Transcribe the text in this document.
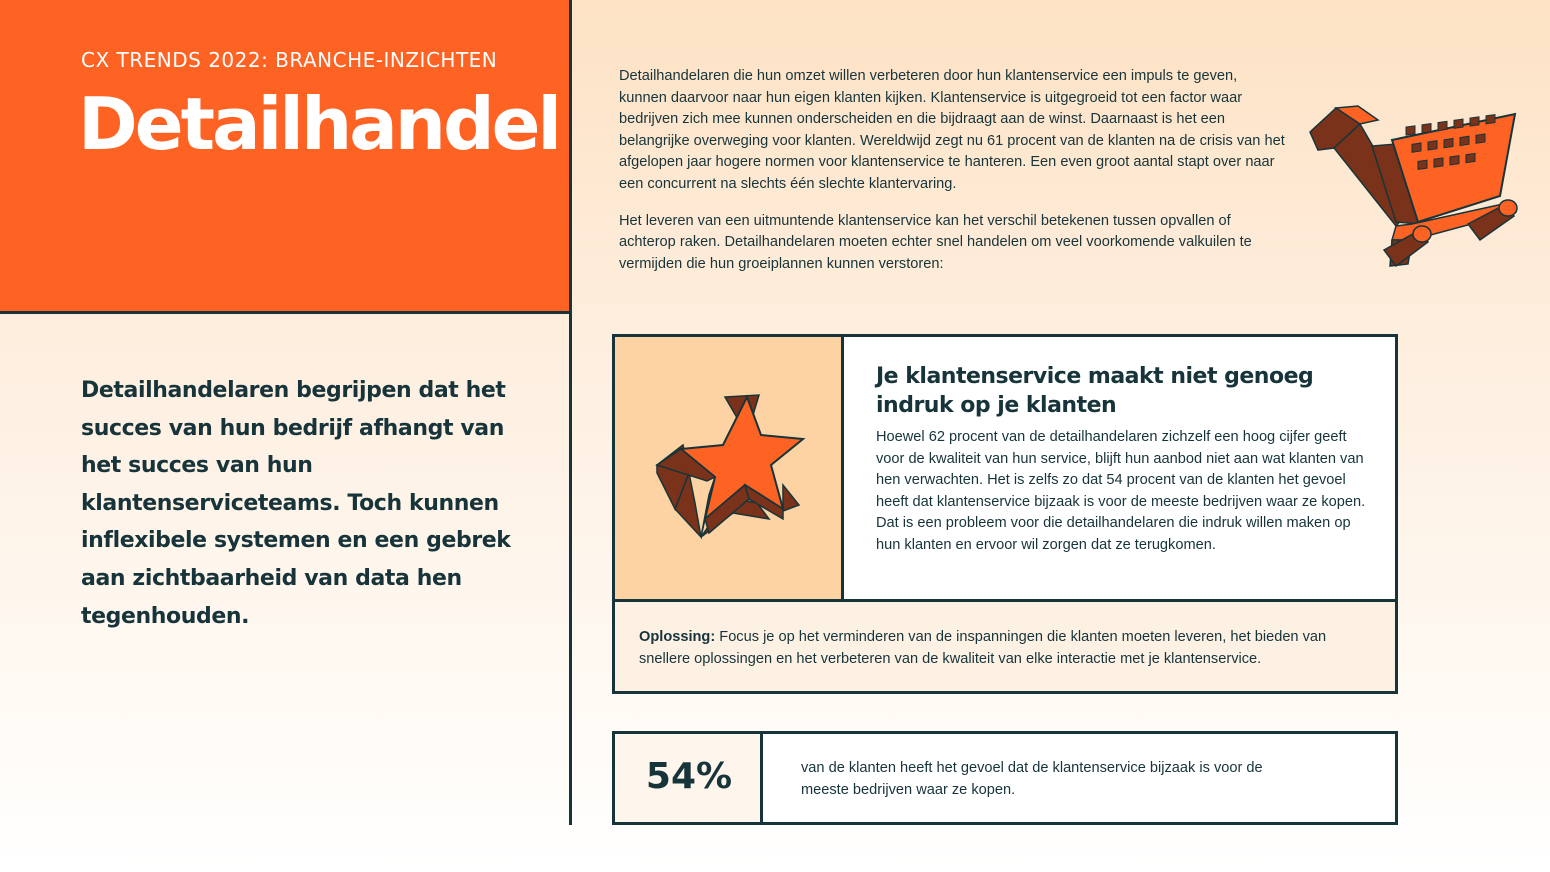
CX TRENDS 2022: BRANCHE-INZICHTEN
Detailhandel
Detailhandelaren begrijpen dat het succes van hun bedrijf afhangt van het succes van hun klantenserviceteams. Toch kunnen inflexibele systemen en een gebrek aan zichtbaarheid van data hen tegenhouden.

Detailhandelaren die hun omzet willen verbeteren door hun klantenservice een impuls te geven, kunnen daarvoor naar hun eigen klanten kijken. Klantenservice is uitgegroeid tot een factor waar bedrijven zich mee kunnen onderscheiden en die bijdraagt aan de winst. Daarnaast is het een belangrijke overweging voor klanten. Wereldwijd zegt nu 61 procent van de klanten na de crisis van het afgelopen jaar hogere normen voor klantenservice te hanteren. Een even groot aantal stapt over naar een concurrent na slechts één slechte klantervaring.

Het leveren van een uitmuntende klantenservice kan het verschil betekenen tussen opvallen of achterop raken. Detailhandelaren moeten echter snel handelen om veel voorkomende valkuilen te vermijden die hun groeiplannen kunnen verstoren:

Je klantenservice maakt niet genoeg indruk op je klanten
Hoewel 62 procent van de detailhandelaren zichzelf een hoog cijfer geeft voor de kwaliteit van hun service, blijft hun aanbod niet aan wat klanten van hen verwachten. Het is zelfs zo dat 54 procent van de klanten het gevoel heeft dat klantenservice bijzaak is voor de meeste bedrijven waar ze kopen. Dat is een probleem voor die detailhandelaren die indruk willen maken op hun klanten en ervoor wil zorgen dat ze terugkomen.
Oplossing: Focus je op het verminderen van de inspanningen die klanten moeten leveren, het bieden van snellere oplossingen en het verbeteren van de kwaliteit van elke interactie met je klantenservice.
54%	van de klanten heeft het gevoel dat de klantenservice bijzaak is voor de meeste bedrijven waar ze kopen.
